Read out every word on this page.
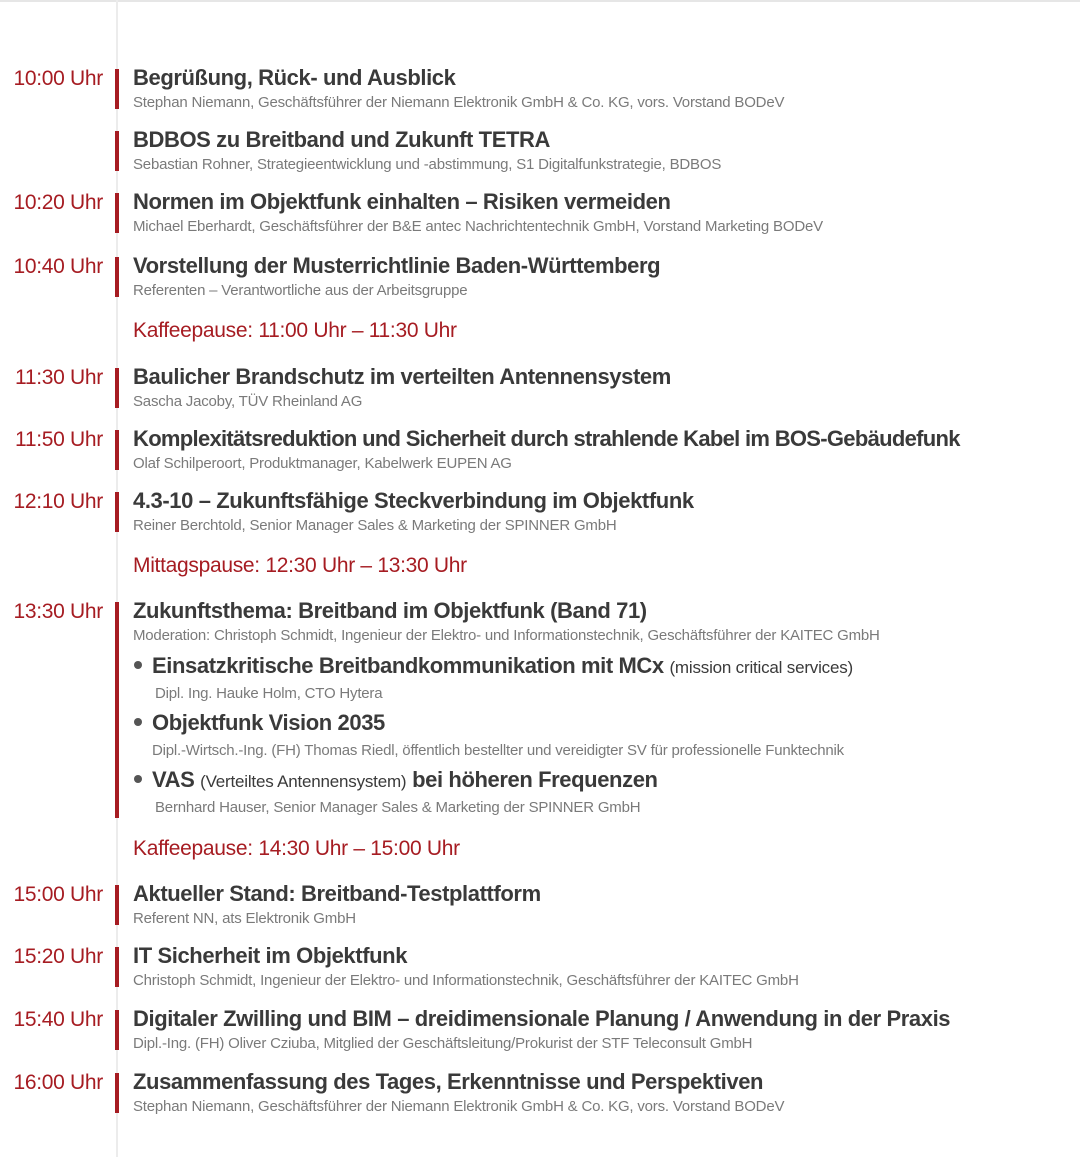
10:00 Uhr Begrüßung, Rück- und Ausblick
Stephan Niemann, Geschäftsführer der Niemann Elektronik GmbH & Co. KG, vors. Vorstand BODeV
BDBOS zu Breitband und Zukunft TETRA
Sebastian Rohner, Strategieentwicklung und -abstimmung, S1 Digitalfunkstrategie, BDBOS
10:20 Uhr Normen im Objektfunk einhalten – Risiken vermeiden
Michael Eberhardt, Geschäftsführer der B&E antec Nachrichtentechnik GmbH, Vorstand Marketing BODeV
10:40 Uhr Vorstellung der Musterrichtlinie Baden-Württemberg
Referenten – Verantwortliche aus der Arbeitsgruppe
Kaffeepause: 11:00 Uhr – 11:30 Uhr
11:30 Uhr Baulicher Brandschutz im verteilten Antennensystem
Sascha Jacoby, TÜV Rheinland AG
11:50 Uhr Komplexitätsreduktion und Sicherheit durch strahlende Kabel im BOS-Gebäudefunk
Olaf Schilperoort, Produktmanager, Kabelwerk EUPEN AG
12:10 Uhr 4.3-10 – Zukunftsfähige Steckverbindung im Objektfunk
Reiner Berchtold, Senior Manager Sales & Marketing der SPINNER GmbH
Mittagspause: 12:30 Uhr – 13:30 Uhr
13:30 Uhr Zukunftsthema: Breitband im Objektfunk (Band 71)
Moderation: Christoph Schmidt, Ingenieur der Elektro- und Informationstechnik, Geschäftsführer der KAITEC GmbH
Einsatzkritische Breitbandkommunikation mit MCx (mission critical services)
Dipl. Ing. Hauke Holm, CTO Hytera
Objektfunk Vision 2035
Dipl.-Wirtsch.-Ing. (FH) Thomas Riedl, öffentlich bestellter und vereidigter SV für professionelle Funktechnik
VAS (Verteiltes Antennensystem) bei höheren Frequenzen
Bernhard Hauser, Senior Manager Sales & Marketing der SPINNER GmbH
Kaffeepause: 14:30 Uhr – 15:00 Uhr
15:00 Uhr Aktueller Stand: Breitband-Testplattform
Referent NN, ats Elektronik GmbH
15:20 Uhr IT Sicherheit im Objektfunk
Christoph Schmidt, Ingenieur der Elektro- und Informationstechnik, Geschäftsführer der KAITEC GmbH
15:40 Uhr Digitaler Zwilling und BIM – dreidimensionale Planung / Anwendung in der Praxis
Dipl.-Ing. (FH) Oliver Cziuba, Mitglied der Geschäftsleitung/Prokurist der STF Teleconsult GmbH
16:00 Uhr Zusammenfassung des Tages, Erkenntnisse und Perspektiven
Stephan Niemann, Geschäftsführer der Niemann Elektronik GmbH & Co. KG, vors. Vorstand BODeV
